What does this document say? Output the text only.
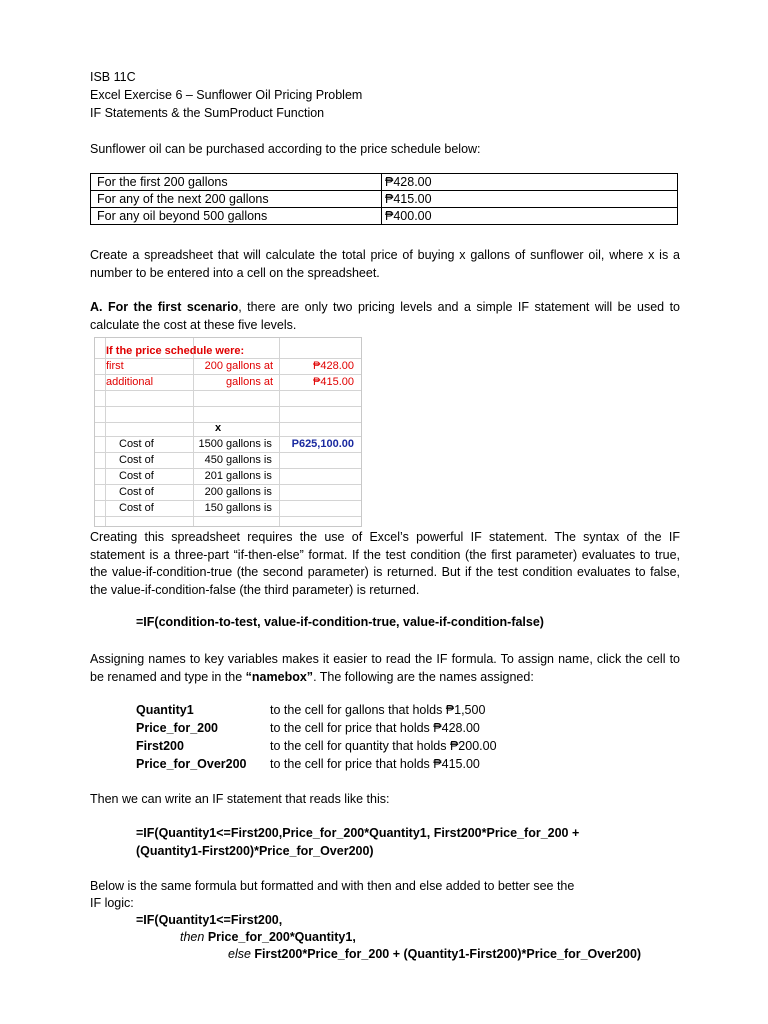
ISB 11C
Excel Exercise 6 – Sunflower Oil Pricing Problem
IF Statements & the SumProduct Function
Sunflower oil can be purchased according to the price schedule below:
For the first 200 gallons	₱428.00
For any of the next 200 gallons	₱415.00
For any oil beyond 500 gallons	₱400.00
Create a spreadsheet that will calculate the total price of buying x gallons of sunflower oil, where x is a number to be entered into a cell on the spreadsheet.
A. For the first scenario, there are only two pricing levels and a simple IF statement will be used to calculate the cost at these five levels.
If the price schedule were:
first	200 gallons at	₱428.00
additional	gallons at	₱415.00
x
Cost of	1500 gallons is	P625,100.00
Cost of	450 gallons is
Cost of	201 gallons is
Cost of	200 gallons is
Cost of	150 gallons is
Creating this spreadsheet requires the use of Excel’s powerful IF statement. The syntax of the IF statement is a three-part “if-then-else” format. If the test condition (the first parameter) evaluates to true, the value-if-condition-true (the second parameter) is returned. But if the test condition evaluates to false, the value-if-condition-false (the third parameter) is returned.
=IF(condition-to-test, value-if-condition-true, value-if-condition-false)
Assigning names to key variables makes it easier to read the IF formula. To assign name, click the cell to be renamed and type in the “namebox”. The following are the names assigned:
Quantity1	to the cell for gallons that holds ₱1,500
Price_for_200	to the cell for price that holds ₱428.00
First200	to the cell for quantity that holds ₱200.00
Price_for_Over200 to the cell for price that holds ₱415.00
Then we can write an IF statement that reads like this:
=IF(Quantity1<=First200,Price_for_200*Quantity1, First200*Price_for_200 +
(Quantity1-First200)*Price_for_Over200)
Below is the same formula but formatted and with then and else added to better see the
IF logic:
=IF(Quantity1<=First200,
then Price_for_200*Quantity1,
else First200*Price_for_200 + (Quantity1-First200)*Price_for_Over200)
